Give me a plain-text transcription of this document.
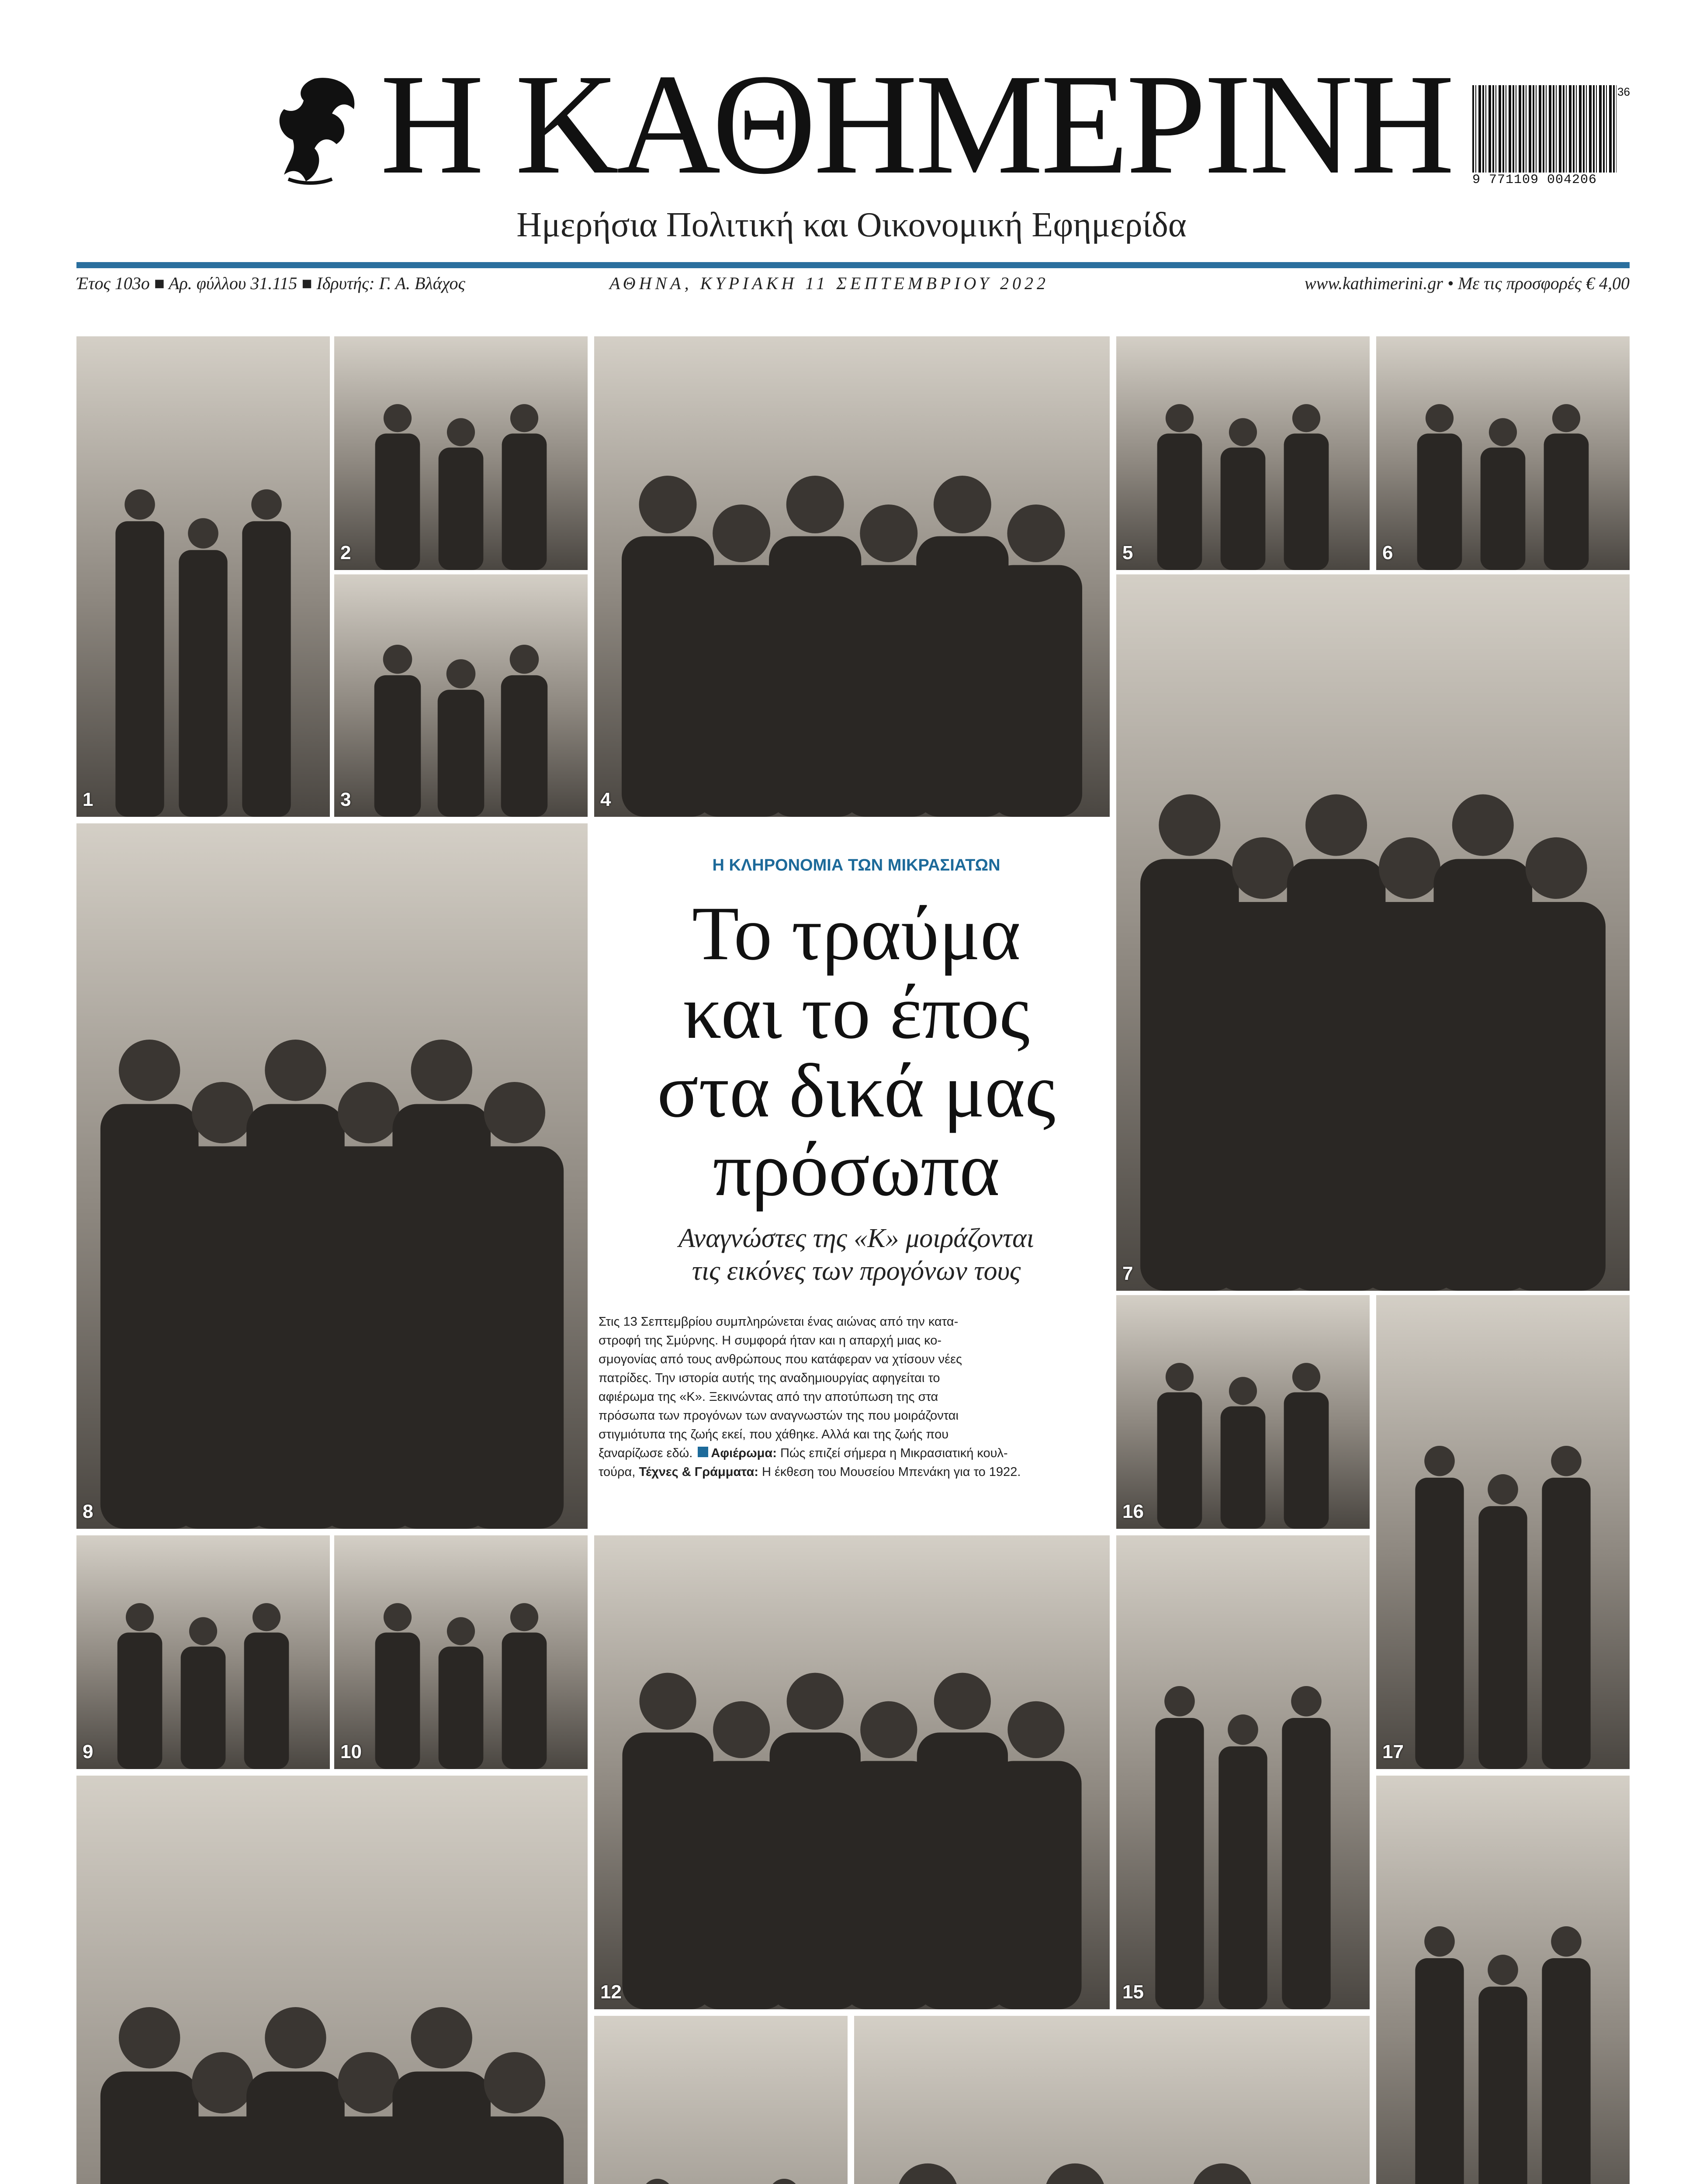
Η ΚΑΘΗΜΕΡΙΝΗ
Ημερήσια Πολιτική και Οικονομική Εφημερίδα
36
9 771109 004206
Έτος 103ο ■ Αρ. φύλλου 31.115 ■ Ιδρυτής: Γ. Α. Βλάχος	ΑΘΗΝΑ, ΚΥΡΙΑΚΗ 11 ΣΕΠΤΕΜΒΡΙΟΥ 2022	www.kathimerini.gr • Με τις προσφορές € 4,00
1
2
3	4
5	6
7
8
9	10
12	15
16
17
Η ΚΛΗΡΟΝΟΜΙΑ ΤΩΝ ΜΙΚΡΑΣΙΑΤΩΝ
Το τραύμα
και το έπος
στα δικά μας
πρόσωπα
Αναγνώστες της «Κ» μοιράζονται
τις εικόνες των προγόνων τους
Στις 13 Σεπτεμβρίου συμπληρώνεται ένας αιώνας από την κατα-
στροφή της Σμύρνης. Η συμφορά ήταν και η απαρχή μιας κο-
σμογονίας από τους ανθρώπους που κατάφεραν να χτίσουν νέες
πατρίδες. Την ιστορία αυτής της αναδημιουργίας αφηγείται το
αφιέρωμα της «Κ». Ξεκινώντας από την αποτύπωση της στα
πρόσωπα των προγόνων των αναγνωστών της που μοιράζονται
στιγμιότυπα της ζωής εκεί, που χάθηκε. Αλλά και της ζωής που
ξαναρίζωσε εδώ. Αφιέρωμα: Πώς επιζεί σήμερα η Μικρασιατική κουλ-
τούρα, Τέχνες & Γράμματα: Η έκθεση του Μουσείου Μπενάκη για το 1922.
